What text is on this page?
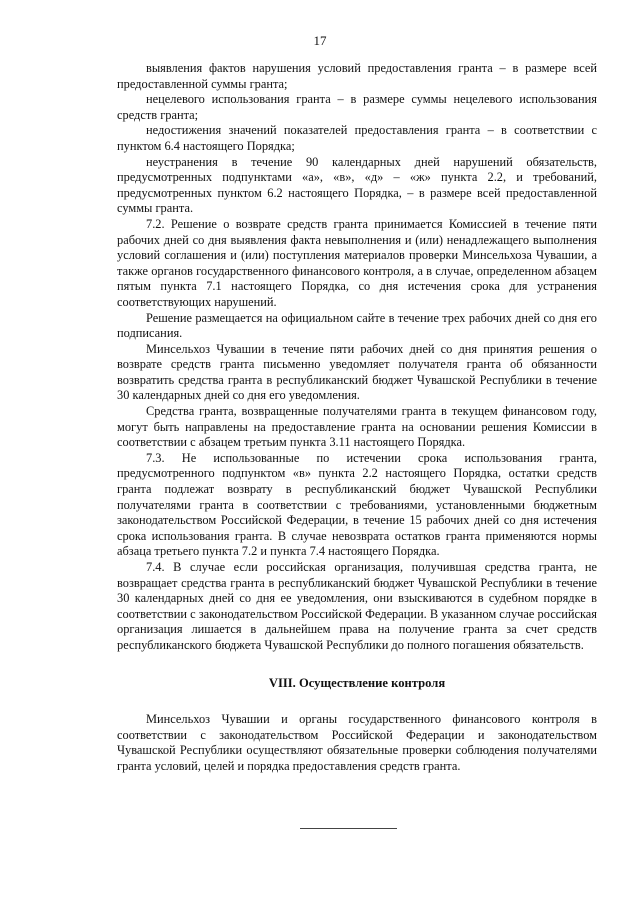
17

выявления фактов нарушения условий предоставления гранта – в размере всей предоставленной суммы гранта;

нецелевого использования гранта – в размере суммы нецелевого использования средств гранта;

недостижения значений показателей предоставления гранта – в соответствии с пунктом 6.4 настоящего Порядка;

неустранения в течение 90 календарных дней нарушений обязательств, предусмотренных подпунктами «а», «в», «д» – «ж» пункта 2.2, и требований, предусмотренных пунктом 6.2 настоящего Порядка, – в размере всей предоставленной суммы гранта.

7.2. Решение о возврате средств гранта принимается Комиссией в течение пяти рабочих дней со дня выявления факта невыполнения и (или) ненадлежащего выполнения условий соглашения и (или) поступления материалов проверки Минсельхоза Чувашии, а также органов государственного финансового контроля, а в случае, определенном абзацем пятым пункта 7.1 настоящего Порядка, со дня истечения срока для устранения соответствующих нарушений.

Решение размещается на официальном сайте в течение трех рабочих дней со дня его подписания.

Минсельхоз Чувашии в течение пяти рабочих дней со дня принятия решения о возврате средств гранта письменно уведомляет получателя гранта об обязанности возвратить средства гранта в республиканский бюджет Чувашской Республики в течение 30 календарных дней со дня его уведомления.

Средства гранта, возвращенные получателями гранта в текущем финансовом году, могут быть направлены на предоставление гранта на основании решения Комиссии в соответствии с абзацем третьим пункта 3.11 настоящего Порядка.

7.3. Не использованные по истечении срока использования гранта, предусмотренного подпунктом «в» пункта 2.2 настоящего Порядка, остатки средств гранта подлежат возврату в республиканский бюджет Чувашской Республики получателями гранта в соответствии с требованиями, установленными бюджетным законодательством Российской Федерации, в течение 15 рабочих дней со дня истечения срока использования гранта. В случае невозврата остатков гранта применяются нормы абзаца третьего пункта 7.2 и пункта 7.4 настоящего Порядка.

7.4. В случае если российская организация, получившая средства гранта, не возвращает средства гранта в республиканский бюджет Чувашской Республики в течение 30 календарных дней со дня ее уведомления, они взыскиваются в судебном порядке в соответствии с законодательством Российской Федерации. В указанном случае российская организация лишается в дальнейшем права на получение гранта за счет средств республиканского бюджета Чувашской Республики до полного погашения обязательств.

VIII. Осуществление контроля

Минсельхоз Чувашии и органы государственного финансового контроля в соответствии с законодательством Российской Федерации и законодательством Чувашской Республики осуществляют обязательные проверки соблюдения получателями гранта условий, целей и порядка предоставления средств гранта.
